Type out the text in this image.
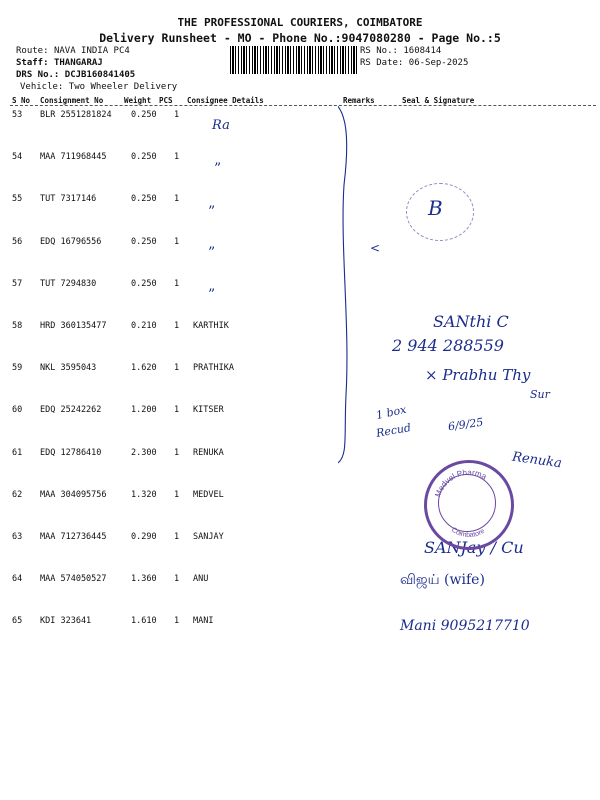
THE PROFESSIONAL COURIERS, COIMBATORE
Delivery Runsheet - MO - Phone No.:9047080280 - Page No.:5
Route: NAVA INDIA PC4
Staff: THANGARAJ
DRS No.: DCJB160841405
Vehicle: Two Wheeler Delivery
RS No.: 1608414
RS Date: 06-Sep-2025
S No Consignment No	Weight PCS Consignee Details	Remarks	Seal & Signature
53 BLR 2551281824 0.250 1
54 MAA 711968445	0.250 1
55 TUT 7317146	0.250 1
56 EDQ 16796556	0.250 1
57 TUT 7294830	0.250 1
58 HRD 360135477	0.210 1 KARTHIK
59 NKL 3595043	1.620 1 PRATHIKA
60 EDQ 25242262	1.200 1 KITSER
61 EDQ 12786410	2.300 1 RENUKA
62 MAA 304095756	1.320 1 MEDVEL
63 MAA 712736445	0.290 1 SANJAY
64 MAA 574050527	1.360 1 ANU
65 KDI 323641	1.610 1 MANI
Ra
”
”
”
”
<
SANthi C
2 944 288559
× Prabhu Thy
Sur
1 box
Recud	6/9/25
Renuka
SANJay / Cu
விஜய் (wife)
Mani 9095217710
B
Medvel Pharma
Coimbatore
